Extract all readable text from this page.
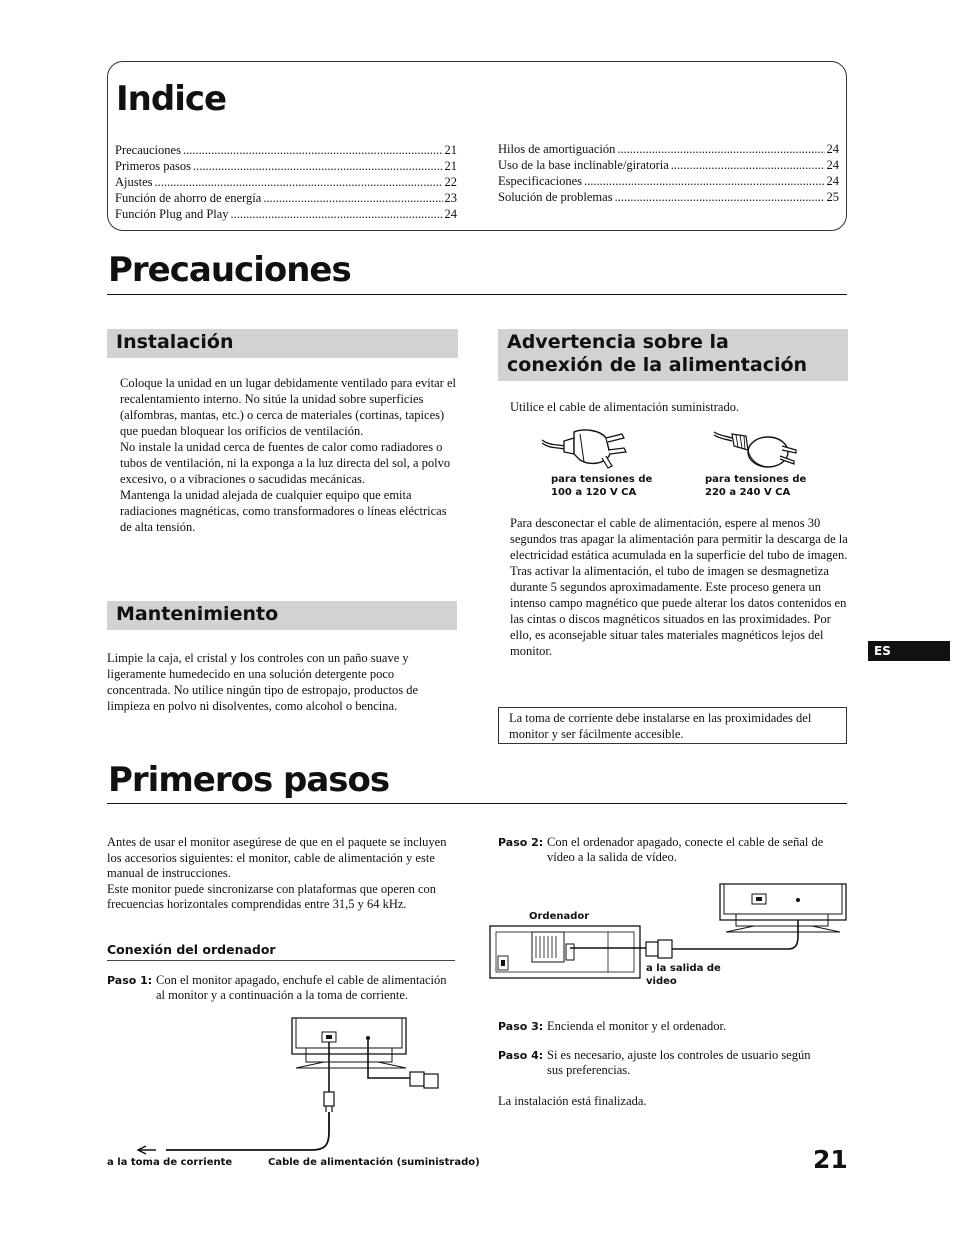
Indice
Precauciones .....	21
Primeros pasos .....	21
Ajustes .....	22
Función de ahorro de energía .....	23
Función Plug and Play .....	24
Hilos de amortiguación .....	24
Uso de la base inclinable/giratoria .....	24
Especificaciones .....	24
Solución de problemas .....	25
Precauciones
Instalación

Coloque la unidad en un lugar debidamente ventilado para evitar el recalentamiento interno. No sitúe la unidad sobre superficies (alfombras, mantas, etc.) o cerca de materiales (cortinas, tapices) que puedan bloquear los orificios de ventilación.

No instale la unidad cerca de fuentes de calor como radiadores o tubos de ventilación, ni la exponga a la luz directa del sol, a polvo excesivo, o a vibraciones o sacudidas mecánicas.

Mantenga la unidad alejada de cualquier equipo que emita radiaciones magnéticas, como transformadores o líneas eléctricas de alta tensión.

Mantenimiento

Limpie la caja, el cristal y los controles con un paño suave y ligeramente humedecido en una solución detergente poco concentrada. No utilice ningún tipo de estropajo, productos de limpieza en polvo ni disolventes, como alcohol o bencina.

Advertencia sobre la
conexión de la alimentación
Utilice el cable de alimentación suministrado.
para tensiones de
100 a 120 V CA
para tensiones de
220 a 240 V CA

Para desconectar el cable de alimentación, espere al menos 30 segundos tras apagar la alimentación para permitir la descarga de la electricidad estática acumulada en la superficie del tubo de imagen.

Tras activar la alimentación, el tubo de imagen se desmagnetiza durante 5 segundos aproximadamente. Este proceso genera un intenso campo magnético que puede alterar los datos contenidos en las cintas o discos magnéticos situados en las proximidades. Por ello, es aconsejable situar tales materiales magnéticos lejos del monitor.

La toma de corriente debe instalarse en las proximidades del monitor y ser fácilmente accesible.
ES
Primeros pasos

Antes de usar el monitor asegúrese de que en el paquete se incluyen los accesorios siguientes: el monitor, cable de alimentación y este manual de instrucciones.

Este monitor puede sincronizarse con plataformas que operen con frecuencias horizontales comprendidas entre 31,5 y 64 kHz.

Conexión del ordenador
Paso 1: Con el monitor apagado, enchufe el cable de alimentación al monitor y a continuación a la toma de corriente.
a la toma de corriente	Cable de alimentación (suministrado)
Paso 2: Con el ordenador apagado, conecte el cable de señal de vídeo a la salida de vídeo.
Ordenador
a la salida de
video
Paso 3: Encienda el monitor y el ordenador.
Paso 4: Si es necesario, ajuste los controles de usuario según sus preferencias.
La instalación está finalizada.
21
